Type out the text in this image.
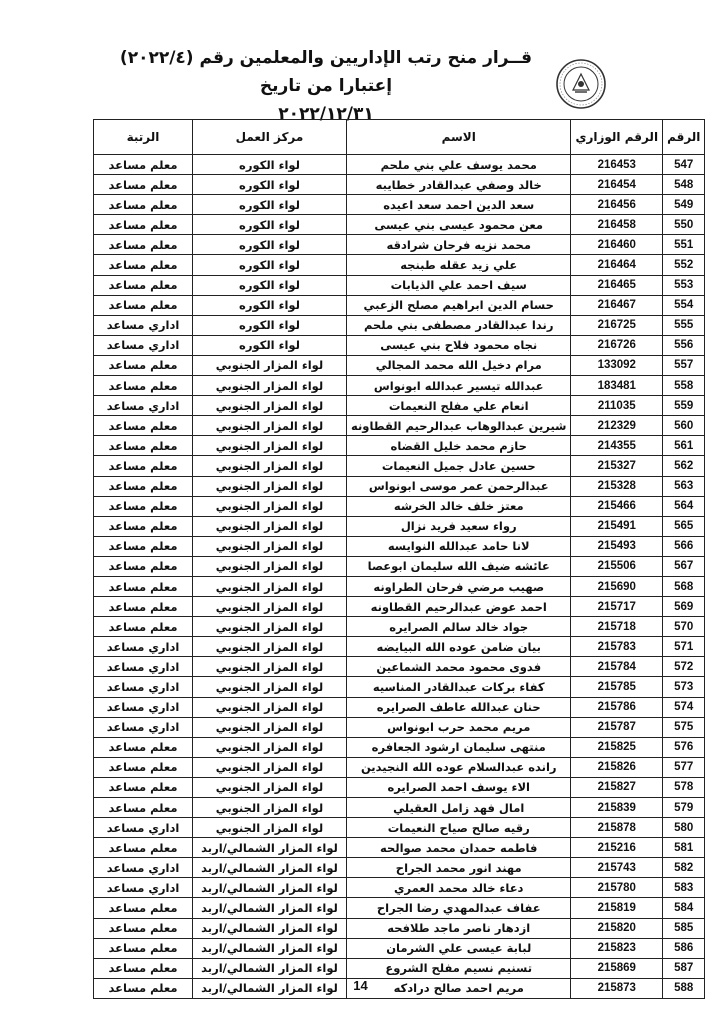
قــرار منح رتب الإداريين والمعلمين رقم (٢٠٢٢/٤) إعتبارا من تاريخ
٢٠٢٢/١٢/٣١
الرقم	الرقم الوزاري	الاسم	مركز العمل	الرتبة
547	216453	محمد يوسف علي بني ملحم	لواء الكوره	معلم مساعد
548	216454	خالد وصفي عبدالقادر خطايبه	لواء الكوره	معلم مساعد
549	216456	سعد الدين احمد سعد اعيده	لواء الكوره	معلم مساعد
550	216458	معن محمود عيسى بني عيسى	لواء الكوره	معلم مساعد
551	216460	محمد نزيه فرحان شرادقه	لواء الكوره	معلم مساعد
552	216464	علي زيد عقله طبنجه	لواء الكوره	معلم مساعد
553	216465	سيف احمد علي الذيابات	لواء الكوره	معلم مساعد
554	216467	حسام الدين ابراهيم مصلح الزعبي	لواء الكوره	معلم مساعد
555	216725	رندا عبدالقادر مصطفى بني ملحم	لواء الكوره	اداري مساعد
556	216726	نجاه محمود فلاح بني عيسى	لواء الكوره	اداري مساعد
557	133092	مرام دخيل الله محمد المجالي	لواء المزار الجنوبي	معلم مساعد
558	183481	عبدالله تيسير عبدالله ابونواس	لواء المزار الجنوبي	معلم مساعد
559	211035	انعام علي مفلح النعيمات	لواء المزار الجنوبي	اداري مساعد
560	212329	شيرين عبدالوهاب عبدالرحيم القطاونه	لواء المزار الجنوبي	معلم مساعد
561	214355	حازم محمد خليل القضاه	لواء المزار الجنوبي	معلم مساعد
562	215327	حسين عادل جميل النعيمات	لواء المزار الجنوبي	معلم مساعد
563	215328	عبدالرحمن عمر موسى ابونواس	لواء المزار الجنوبي	معلم مساعد
564	215466	معتز خلف خالد الخرشه	لواء المزار الجنوبي	معلم مساعد
565	215491	رواء سعيد فريد نزال	لواء المزار الجنوبي	معلم مساعد
566	215493	لانا حامد عبدالله النوايسه	لواء المزار الجنوبي	معلم مساعد
567	215506	عائشه ضيف الله سليمان ابوعصا	لواء المزار الجنوبي	معلم مساعد
568	215690	صهيب مرضي فرحان الطراونه	لواء المزار الجنوبي	معلم مساعد
569	215717	احمد عوض عبدالرحيم القطاونه	لواء المزار الجنوبي	معلم مساعد
570	215718	جواد خالد سالم الصرايره	لواء المزار الجنوبي	معلم مساعد
571	215783	بيان ضامن عوده الله البيايضه	لواء المزار الجنوبي	اداري مساعد
572	215784	فدوى محمود محمد الشماعين	لواء المزار الجنوبي	اداري مساعد
573	215785	كفاء بركات عبدالقادر المناسيه	لواء المزار الجنوبي	اداري مساعد
574	215786	حنان عبدالله عاطف الصرايره	لواء المزار الجنوبي	اداري مساعد
575	215787	مريم محمد حرب ابونواس	لواء المزار الجنوبي	اداري مساعد
576	215825	منتهى سليمان ارشود الجعافره	لواء المزار الجنوبي	معلم مساعد
577	215826	رانده عبدالسلام عوده الله النجيدين	لواء المزار الجنوبي	معلم مساعد
578	215827	الاء يوسف احمد الصرايره	لواء المزار الجنوبي	معلم مساعد
579	215839	امال فهد زامل العقيلي	لواء المزار الجنوبي	معلم مساعد
580	215878	رقيه صالح صياح النعيمات	لواء المزار الجنوبي	اداري مساعد
581	215216	فاطمه حمدان محمد صوالحه	لواء المزار الشمالي/اربد	معلم مساعد
582	215743	مهند انور محمد الجراح	لواء المزار الشمالي/اربد	اداري مساعد
583	215780	دعاء خالد محمد العمري	لواء المزار الشمالي/اربد	اداري مساعد
584	215819	عفاف عبدالمهدي رضا الجراح	لواء المزار الشمالي/اربد	معلم مساعد
585	215820	ازدهار ناصر ماجد طلافحه	لواء المزار الشمالي/اربد	معلم مساعد
586	215823	لبابة عيسى علي الشرمان	لواء المزار الشمالي/اربد	معلم مساعد
587	215869	تسنيم نسيم مفلح الشروع	لواء المزار الشمالي/اربد	معلم مساعد
588	215873	مريم احمد صالح درادكه	لواء المزار الشمالي/اربد	معلم مساعد	14
